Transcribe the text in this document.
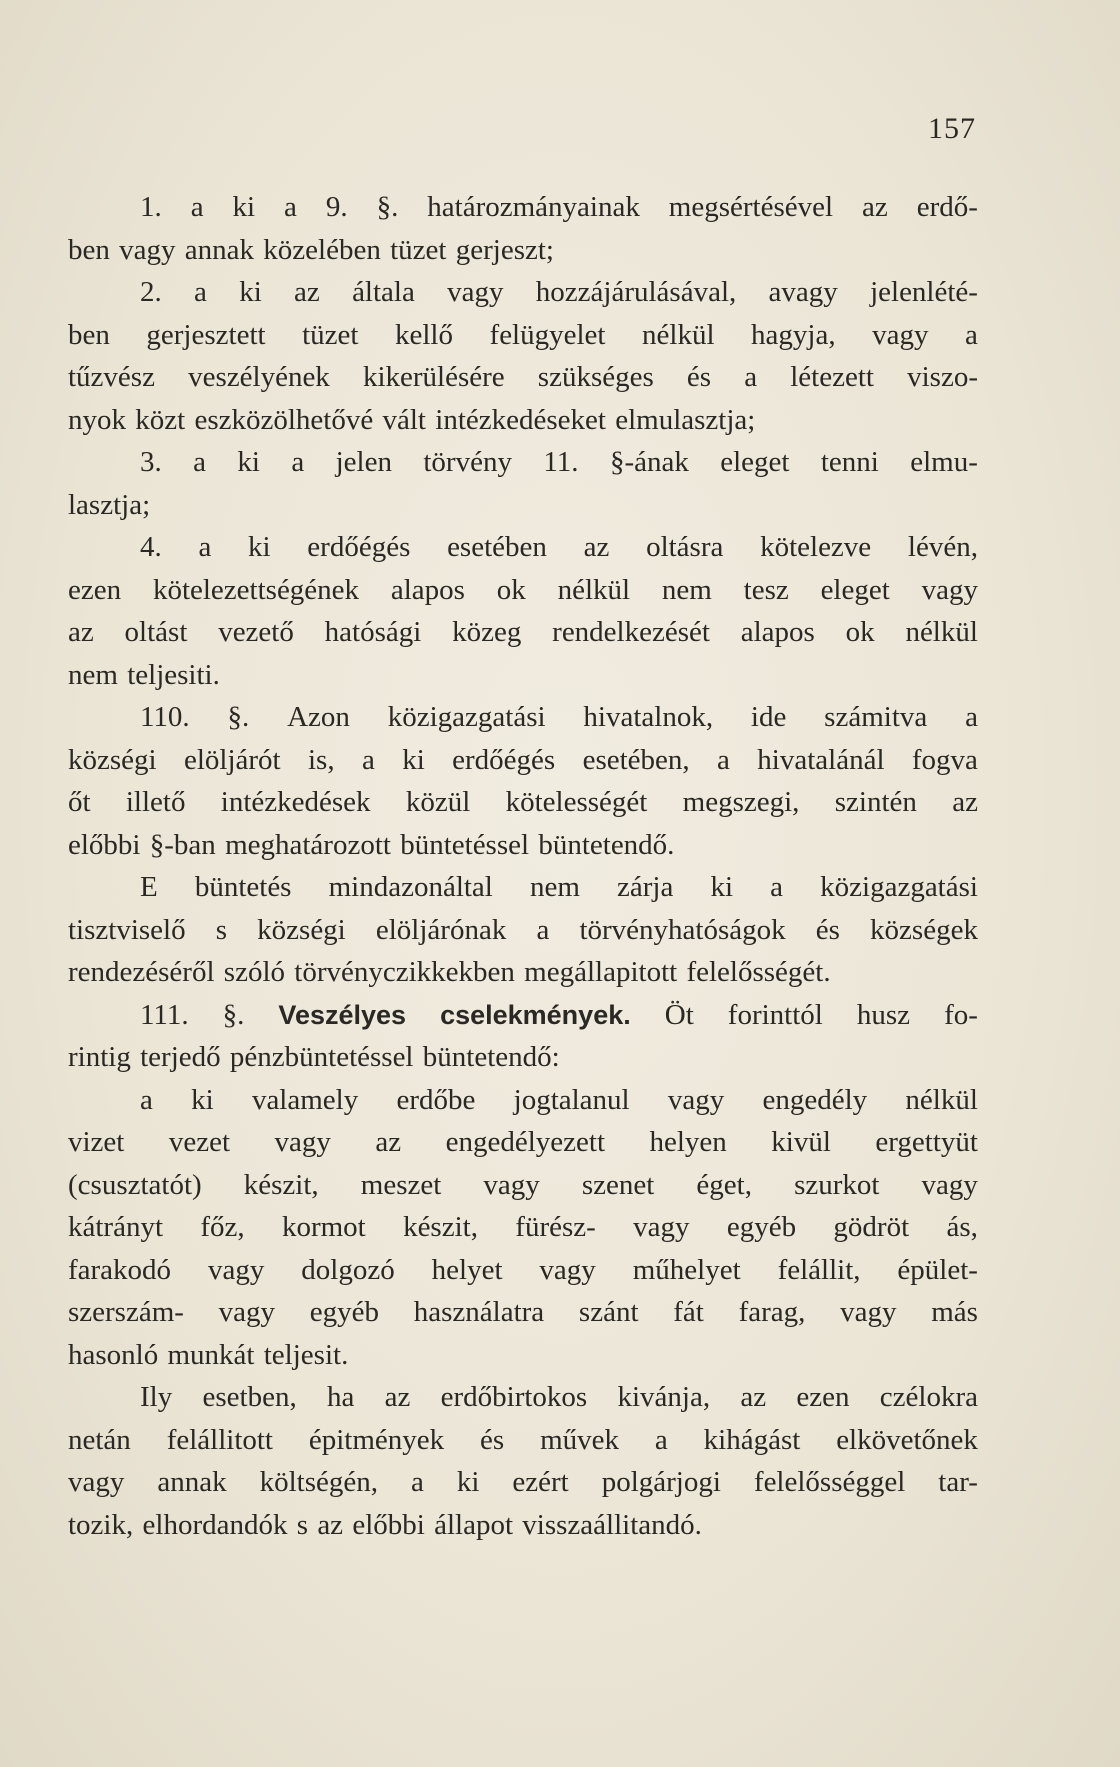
157
1. a ki a 9. §. határozmányainak megsértésével az erdő-
ben vagy annak közelében tüzet gerjeszt;
2. a ki az általa vagy hozzájárulásával, avagy jelenlété-
ben gerjesztett tüzet kellő felügyelet nélkül hagyja, vagy a
tűzvész veszélyének kikerülésére szükséges és a létezett viszo-
nyok közt eszközölhetővé vált intézkedéseket elmulasztja;
3. a ki a jelen törvény 11. §-ának eleget tenni elmu-
lasztja;
4. a ki erdőégés esetében az oltásra kötelezve lévén,
ezen kötelezettségének alapos ok nélkül nem tesz eleget vagy
az oltást vezető hatósági közeg rendelkezését alapos ok nélkül
nem teljesiti.
110. §. Azon közigazgatási hivatalnok, ide számitva a
községi elöljárót is, a ki erdőégés esetében, a hivatalánál fogva
őt illető intézkedések közül kötelességét megszegi, szintén az
előbbi §-ban meghatározott büntetéssel büntetendő.
E büntetés mindazonáltal nem zárja ki a közigazgatási
tisztviselő s községi elöljárónak a törvényhatóságok és községek
rendezéséről szóló törvényczikkekben megállapitott felelősségét.
111. §. Veszélyes cselekmények. Öt forinttól husz fo-
rintig terjedő pénzbüntetéssel büntetendő:
a ki valamely erdőbe jogtalanul vagy engedély nélkül
vizet vezet vagy az engedélyezett helyen kivül ergettyüt
(csusztatót) készit, meszet vagy szenet éget, szurkot vagy
kátrányt főz, kormot készit, fürész- vagy egyéb gödröt ás,
farakodó vagy dolgozó helyet vagy műhelyet felállit, épület-
szerszám- vagy egyéb használatra szánt fát farag, vagy más
hasonló munkát teljesit.
Ily esetben, ha az erdőbirtokos kivánja, az ezen czélokra
netán felállitott épitmények és művek a kihágást elkövetőnek
vagy annak költségén, a ki ezért polgárjogi felelősséggel tar-
tozik, elhordandók s az előbbi állapot visszaállitandó.
